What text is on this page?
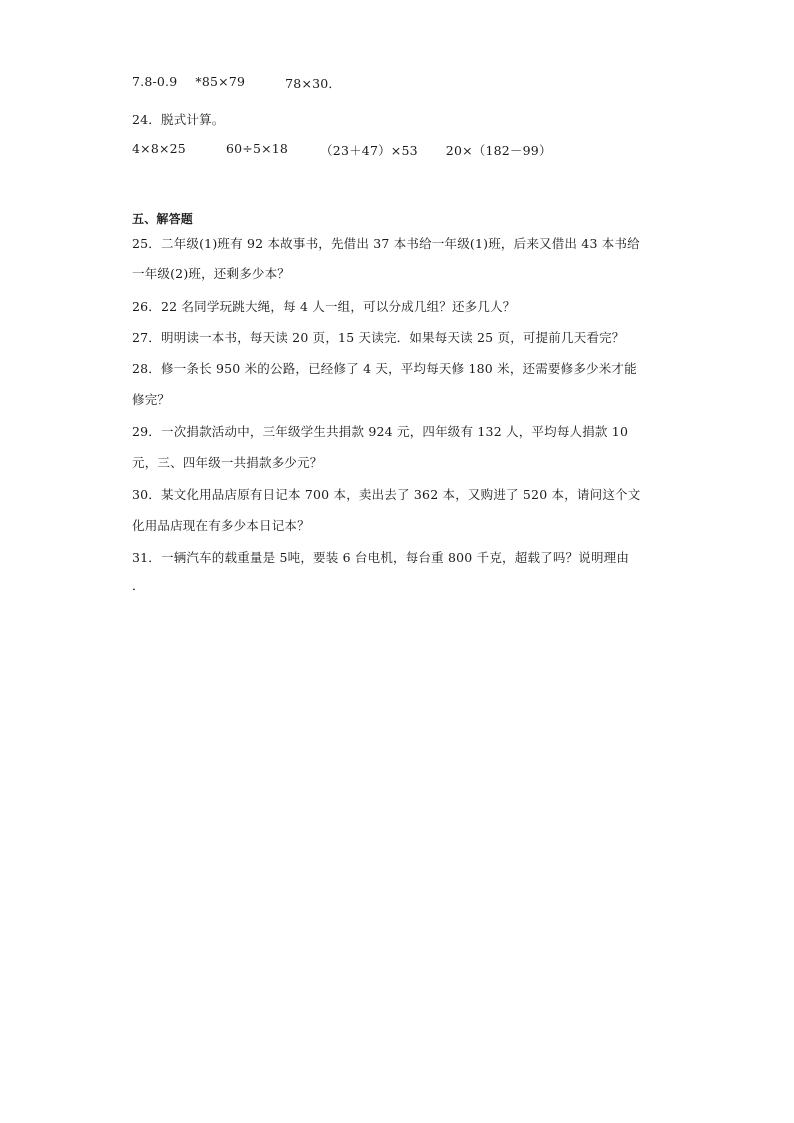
7.8-0.9 *85×79	78×30．
24．脱式计算。
4×8×25	60÷5×18	（23＋47）×53 20×（182－99）
五、解答题
25．二年级(1)班有 92 本故事书，先借出 37 本书给一年级(1)班，后来又借出 43 本书给
一年级(2)班，还剩多少本？
26．22 名同学玩跳大绳，每 4 人一组，可以分成几组？还多几人？
27．明明读一本书，每天读 20 页，15 天读完．如果每天读 25 页，可提前几天看完？
28．修一条长 950 米的公路，已经修了 4 天，平均每天修 180 米，还需要修多少米才能
修完？
29．一次捐款活动中，三年级学生共捐款 924 元，四年级有 132 人，平均每人捐款 10
元，三、四年级一共捐款多少元？
30．某文化用品店原有日记本 700 本，卖出去了 362 本，又购进了 520 本，请问这个文
化用品店现在有多少本日记本？
31．一辆汽车的载重量是 5吨，要装 6 台电机，每台重 800 千克，超载了吗？说明理由
．
